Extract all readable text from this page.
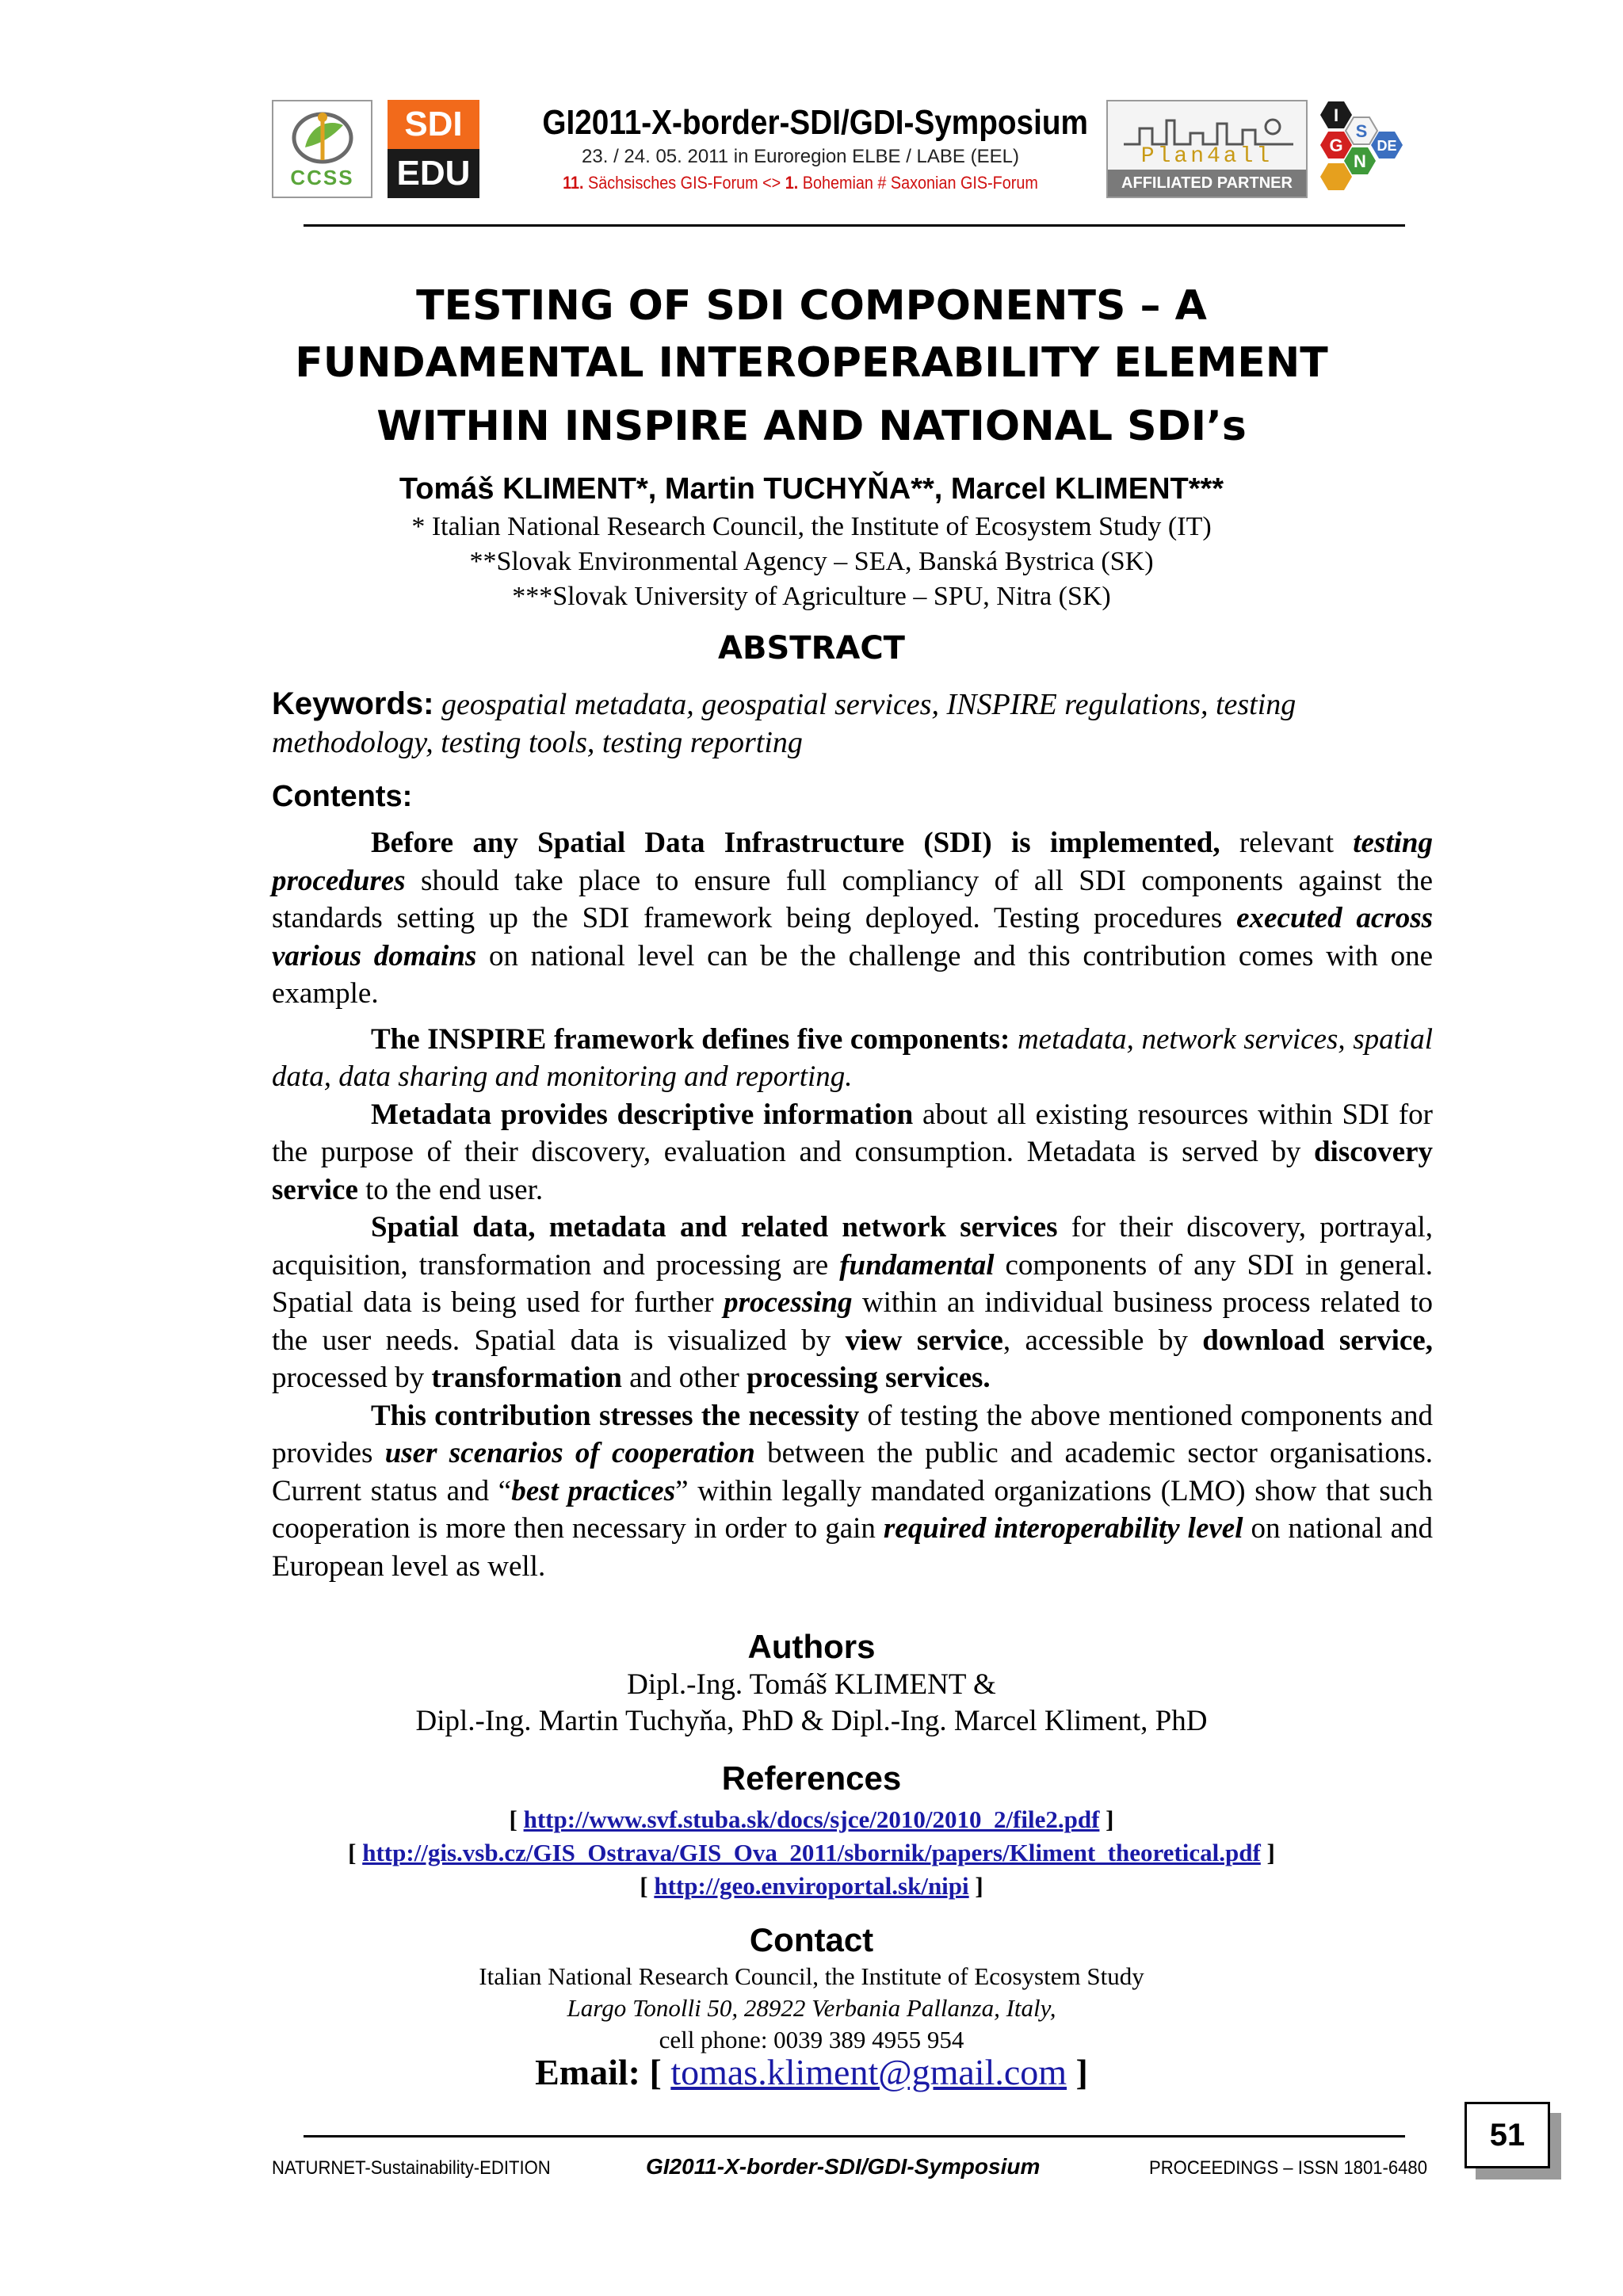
CCSS
SDI
EDU
GI2011-X-border-SDI/GDI-Symposium
23. / 24. 05. 2011 in Euroregion ELBE / LABE (EEL)
11. Sächsisches GIS-Forum <> 1. Bohemian # Saxonian GIS-Forum
Plan4all
AFFILIATED PARTNER
I
G
N
S
DE
TESTING OF SDI COMPONENTS – A
FUNDAMENTAL INTEROPERABILITY ELEMENT
WITHIN INSPIRE AND NATIONAL SDI’s
Tomáš KLIMENT*, Martin TUCHYŇA**, Marcel KLIMENT***
* Italian National Research Council, the Institute of Ecosystem Study (IT)
**Slovak Environmental Agency – SEA, Banská Bystrica (SK)
***Slovak University of Agriculture – SPU, Nitra (SK)
ABSTRACT
Keywords: geospatial metadata, geospatial services, INSPIRE regulations, testing methodology, testing tools, testing reporting
Contents:

Before any Spatial Data Infrastructure (SDI) is implemented, relevant testing procedures should take place to ensure full compliancy of all SDI components against the standards setting up the SDI framework being deployed. Testing procedures executed across various domains on national level can be the challenge and this contribution comes with one example.

The INSPIRE framework defines five components: metadata, network services, spatial data, data sharing and monitoring and reporting.

Metadata provides descriptive information about all existing resources within SDI for the purpose of their discovery, evaluation and consumption. Metadata is served by discovery service to the end user.

Spatial data, metadata and related network services for their discovery, portrayal, acquisition, transformation and processing are fundamental components of any SDI in general. Spatial data is being used for further processing within an individual business process related to the user needs. Spatial data is visualized by view service, accessible by download service, processed by transformation and other processing services.

This contribution stresses the necessity of testing the above mentioned components and provides user scenarios of cooperation between the public and academic sector organisations. Current status and “best practices” within legally mandated organizations (LMO) show that such cooperation is more then necessary in order to gain required interoperability level on national and European level as well.

Authors
Dipl.-Ing. Tomáš KLIMENT &
Dipl.-Ing. Martin Tuchyňa, PhD & Dipl.-Ing. Marcel Kliment, PhD
References
[ http://www.svf.stuba.sk/docs/sjce/2010/2010_2/file2.pdf ]
[ http://gis.vsb.cz/GIS_Ostrava/GIS_Ova_2011/sbornik/papers/Kliment_theoretical.pdf ]
[ http://geo.enviroportal.sk/nipi ]
Contact
Italian National Research Council, the Institute of Ecosystem Study
Largo Tonolli 50, 28922 Verbania Pallanza, Italy,
cell phone: 0039 389 4955 954
Email: [ tomas.kliment@gmail.com ]
NATURNET-Sustainability-EDITION	GI2011-X-border-SDI/GDI-Symposium	PROCEEDINGS – ISSN 1801-6480
51
